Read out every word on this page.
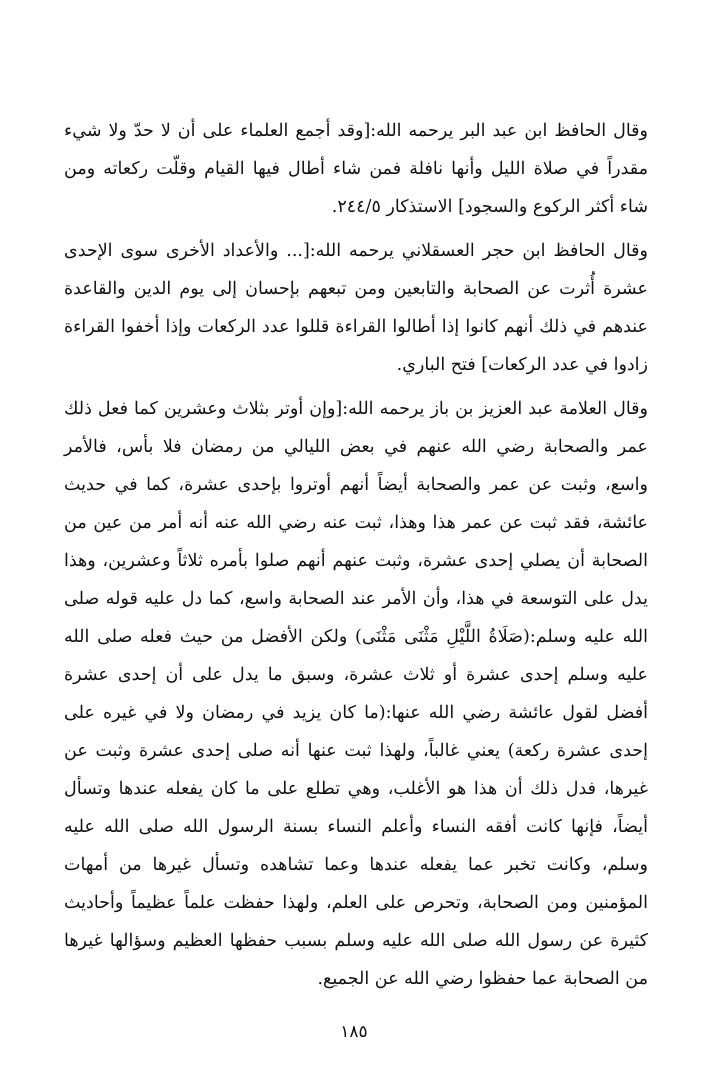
وقال الحافظ ابن عبد البر يرحمه الله:[وقد أجمع العلماء على أن لا حدّ ولا شيء مقدراً في صلاة الليل وأنها نافلة فمن شاء أطال فيها القيام وقلّت ركعاته ومن شاء أكثر الركوع والسجود] الاستذكار ٢٤٤/٥.

وقال الحافظ ابن حجر العسقلاني يرحمه الله:[... والأعداد الأخرى سوى الإحدى عشرة أُثرت عن الصحابة والتابعين ومن تبعهم بإحسان إلى يوم الدين والقاعدة عندهم في ذلك أنهم كانوا إذا أطالوا القراءة قللوا عدد الركعات وإذا أخفوا القراءة زادوا في عدد الركعات] فتح الباري.

وقال العلامة عبد العزيز بن باز يرحمه الله:[وإن أوتر بثلاث وعشرين كما فعل ذلك عمر والصحابة رضي الله عنهم في بعض الليالي من رمضان فلا بأس، فالأمر واسع، وثبت عن عمر والصحابة أيضاً أنهم أوتروا بإحدى عشرة، كما في حديث عائشة، فقد ثبت عن عمر هذا وهذا، ثبت عنه رضي الله عنه أنه أمر من عين من الصحابة أن يصلي إحدى عشرة، وثبت عنهم أنهم صلوا بأمره ثلاثاً وعشرين، وهذا يدل على التوسعة في هذا، وأن الأمر عند الصحابة واسع، كما دل عليه قوله صلى الله عليه وسلم:(صَلَاةُ اللَّيْلِ مَثْنَى مَثْنَى) ولكن الأفضل من حيث فعله صلى الله عليه وسلم إحدى عشرة أو ثلاث عشرة، وسبق ما يدل على أن إحدى عشرة أفضل لقول عائشة رضي الله عنها:(ما كان يزيد في رمضان ولا في غيره على إحدى عشرة ركعة) يعني غالباً، ولهذا ثبت عنها أنه صلى إحدى عشرة وثبت عن غيرها، فدل ذلك أن هذا هو الأغلب، وهي تطلع على ما كان يفعله عندها وتسأل أيضاً، فإنها كانت أفقه النساء وأعلم النساء بسنة الرسول الله صلى الله عليه وسلم، وكانت تخبر عما يفعله عندها وعما تشاهده وتسأل غيرها من أمهات المؤمنين ومن الصحابة، وتحرص على العلم، ولهذا حفظت علماً عظيماً وأحاديث كثيرة عن رسول الله صلى الله عليه وسلم بسبب حفظها العظيم وسؤالها غيرها من الصحابة عما حفظوا رضي الله عن الجميع.

١٨٥
